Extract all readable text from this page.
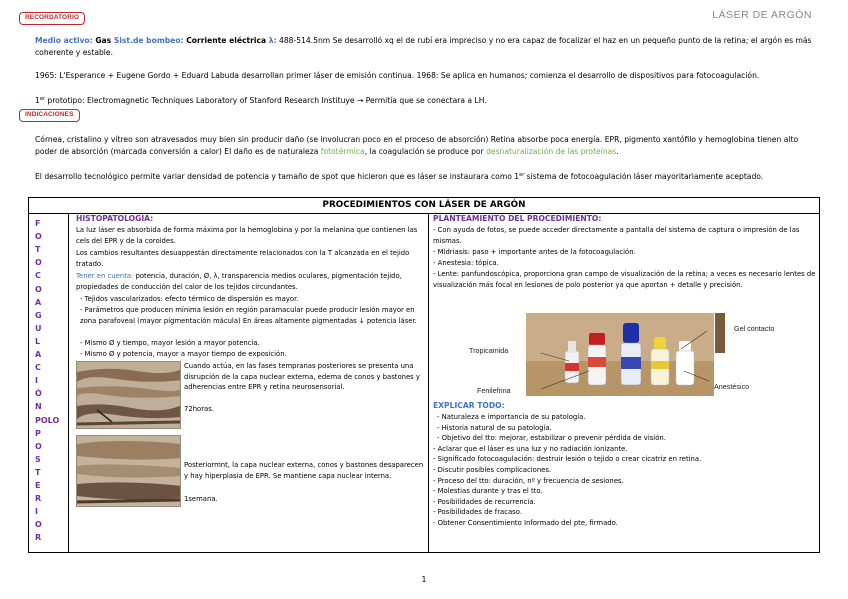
RECORDATORIO	LÁSER DE ARGÓN
Medio activo: Gas Sist.de bombeo: Corriente eléctrica λ: 488-514.5nm Se desarrolló xq el de rubí era impreciso y no era capaz de focalizar el haz en un pequeño punto de la retina; el argón es más coherente y estable.
1965: L'Esperance + Eugene Gordo + Eduard Labuda desarrollan primer láser de emisión continua. 1968: Se aplica en humanos; comienza el desarrollo de dispositivos para fotocoagulación.
1er prototipo: Electromagnetic Techniques Laboratory of Stanford Research Instituye → Permitía que se conectara a LH.
INDICACIONES
Córnea, cristalino y vítreo son atravesados muy bien sin producir daño (se involucran poco en el proceso de absorción) Retina absorbe poca energía. EPR, pigmento xantófilo y hemoglobina tienen alto poder de absorción (marcada conversión a calor) El daño es de naturaleza fototérmica, la coagulación se produce por desnaturalización de las proteínas.
El desarrollo tecnológico permite variar densidad de potencia y tamaño de spot que hicieron que es láser se instaurara como 1er sistema de fotocoagulación láser mayoritariamente aceptado.
PROCEDIMIENTOS CON LÁSER DE ARGÓN
F
O
T
O
C
O
A
G
U
L
A
C
I
Ó
N
POLO
P
O
S
T
E
R
I
O
R
HISTOPATOLOGÍA:
La luz láser es absorbida de forma máxima por la hemoglobina y por la melanina que contienen las cels del EPR y de la coroides.
Los cambios resultantes desuappestán directamente relacionados con la T alcanzada en el tejido tratado.
Tener en cuenta: potencia, duración, Ø, λ, transparencia medios oculares, pigmentación tejido, propiedades de conducción del calor de los tejidos circundantes.
- Tejidos vascularizados: efecto térmico de dispersión es mayor.
- Parámetros que producen mínima lesión en región paramacular puede producir lesión mayor en zona parafoveal (mayor pigmentación mácula) En áreas altamente pigmentadas ↓ potencia láser.
- Mismo Ø y tiempo, mayor lesión a mayor potencia.
- Mismo Ø y potencia, mayor a mayor tiempo de exposición.
Cuando actúa, en las fases tempranas posteriores se presenta una disrupción de la capa nuclear externa, edema de conos y bastones y adherencias entre EPR y retina neurosensorial.
72horas.
Posteriormnt, la capa nuclear externa, conos y bastones desaparecen y hay hiperplasia de EPR. Se mantiene capa nuclear interna.
1semana.
PLANTEAMIENTO DEL PROCEDIMIENTO:
- Con ayuda de fotos, se puede acceder directamente a pantalla del sistema de captura o impresión de las mismas.
- Midriasis: paso + importante antes de la fotocoagulación.
- Anestesia: tópica.
- Lente: panfundoscópica, proporciona gran campo de visualización de la retina; a veces es necesario lentes de visualización más focal en lesiones de polo posterior ya que aportan + detalle y precisión.
Tropicamida
Fenilefrina
Gel contacto
Anestésico
EXPLICAR TODO:
- Naturaleza e importancia de su patología.
- Historia natural de su patología.
- Objetivo del tto: mejorar, estabilizar o prevenir pérdida de visión.
- Aclarar que el láser es una luz y no radiación ionizante.
- Significado fotocoagulación: destruir lesión o tejido o crear cicatriz en retina.
- Discutir posibles complicaciones.
- Proceso del tto: duración, nº y frecuencia de sesiones.
- Molestias durante y tras el tto.
- Posibilidades de recurrencia.
- Posibilidades de fracaso.
- Obtener Consentimiento Informado del pte, firmado.
1
